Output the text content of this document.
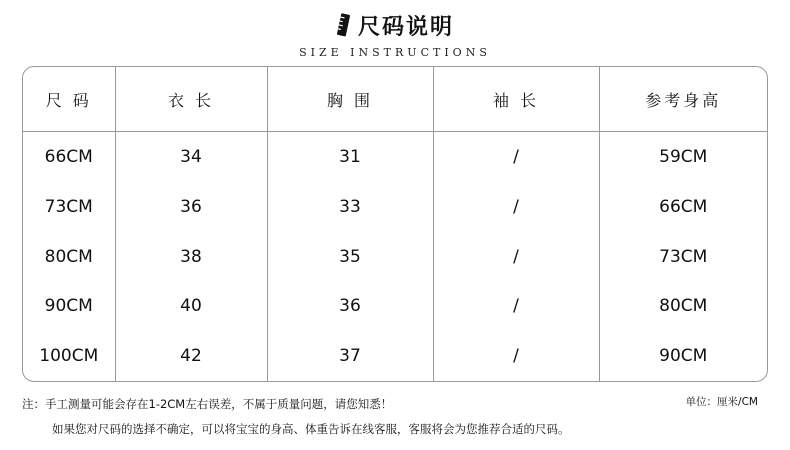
尺码说明
SIZE INSTRUCTIONS
尺 码	衣 长	胸 围	袖 长	参考身高
66CM	34	31	/	59CM
73CM	36	33	/	66CM
80CM	38	35	/	73CM
90CM	40	36	/	80CM
100CM	42	37	/	90CM
注：手工测量可能会存在1-2CM左右误差，不属于质量问题，请您知悉！	单位：厘米/CM
如果您对尺码的选择不确定，可以将宝宝的身高、体重告诉在线客服，客服将会为您推荐合适的尺码。
